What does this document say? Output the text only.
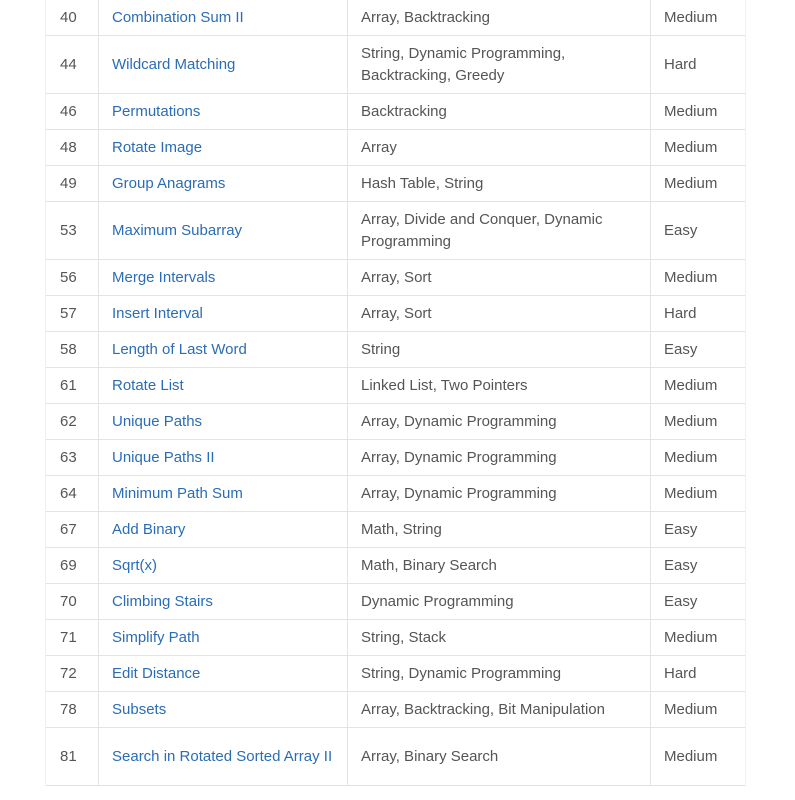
40	Combination Sum II	Array, Backtracking	Medium
44	Wildcard Matching	String, Dynamic Programming, Backtracking, Greedy	Hard
46	Permutations	Backtracking	Medium
48	Rotate Image	Array	Medium
49	Group Anagrams	Hash Table, String	Medium
53	Maximum Subarray	Array, Divide and Conquer, Dynamic Programming	Easy
56	Merge Intervals	Array, Sort	Medium
57	Insert Interval	Array, Sort	Hard
58	Length of Last Word	String	Easy
61	Rotate List	Linked List, Two Pointers	Medium
62	Unique Paths	Array, Dynamic Programming	Medium
63	Unique Paths II	Array, Dynamic Programming	Medium
64	Minimum Path Sum	Array, Dynamic Programming	Medium
67	Add Binary	Math, String	Easy
69	Sqrt(x)	Math, Binary Search	Easy
70	Climbing Stairs	Dynamic Programming	Easy
71	Simplify Path	String, Stack	Medium
72	Edit Distance	String, Dynamic Programming	Hard
78	Subsets	Array, Backtracking, Bit Manipulation	Medium
81	Search in Rotated Sorted Array II	Array, Binary Search	Medium
